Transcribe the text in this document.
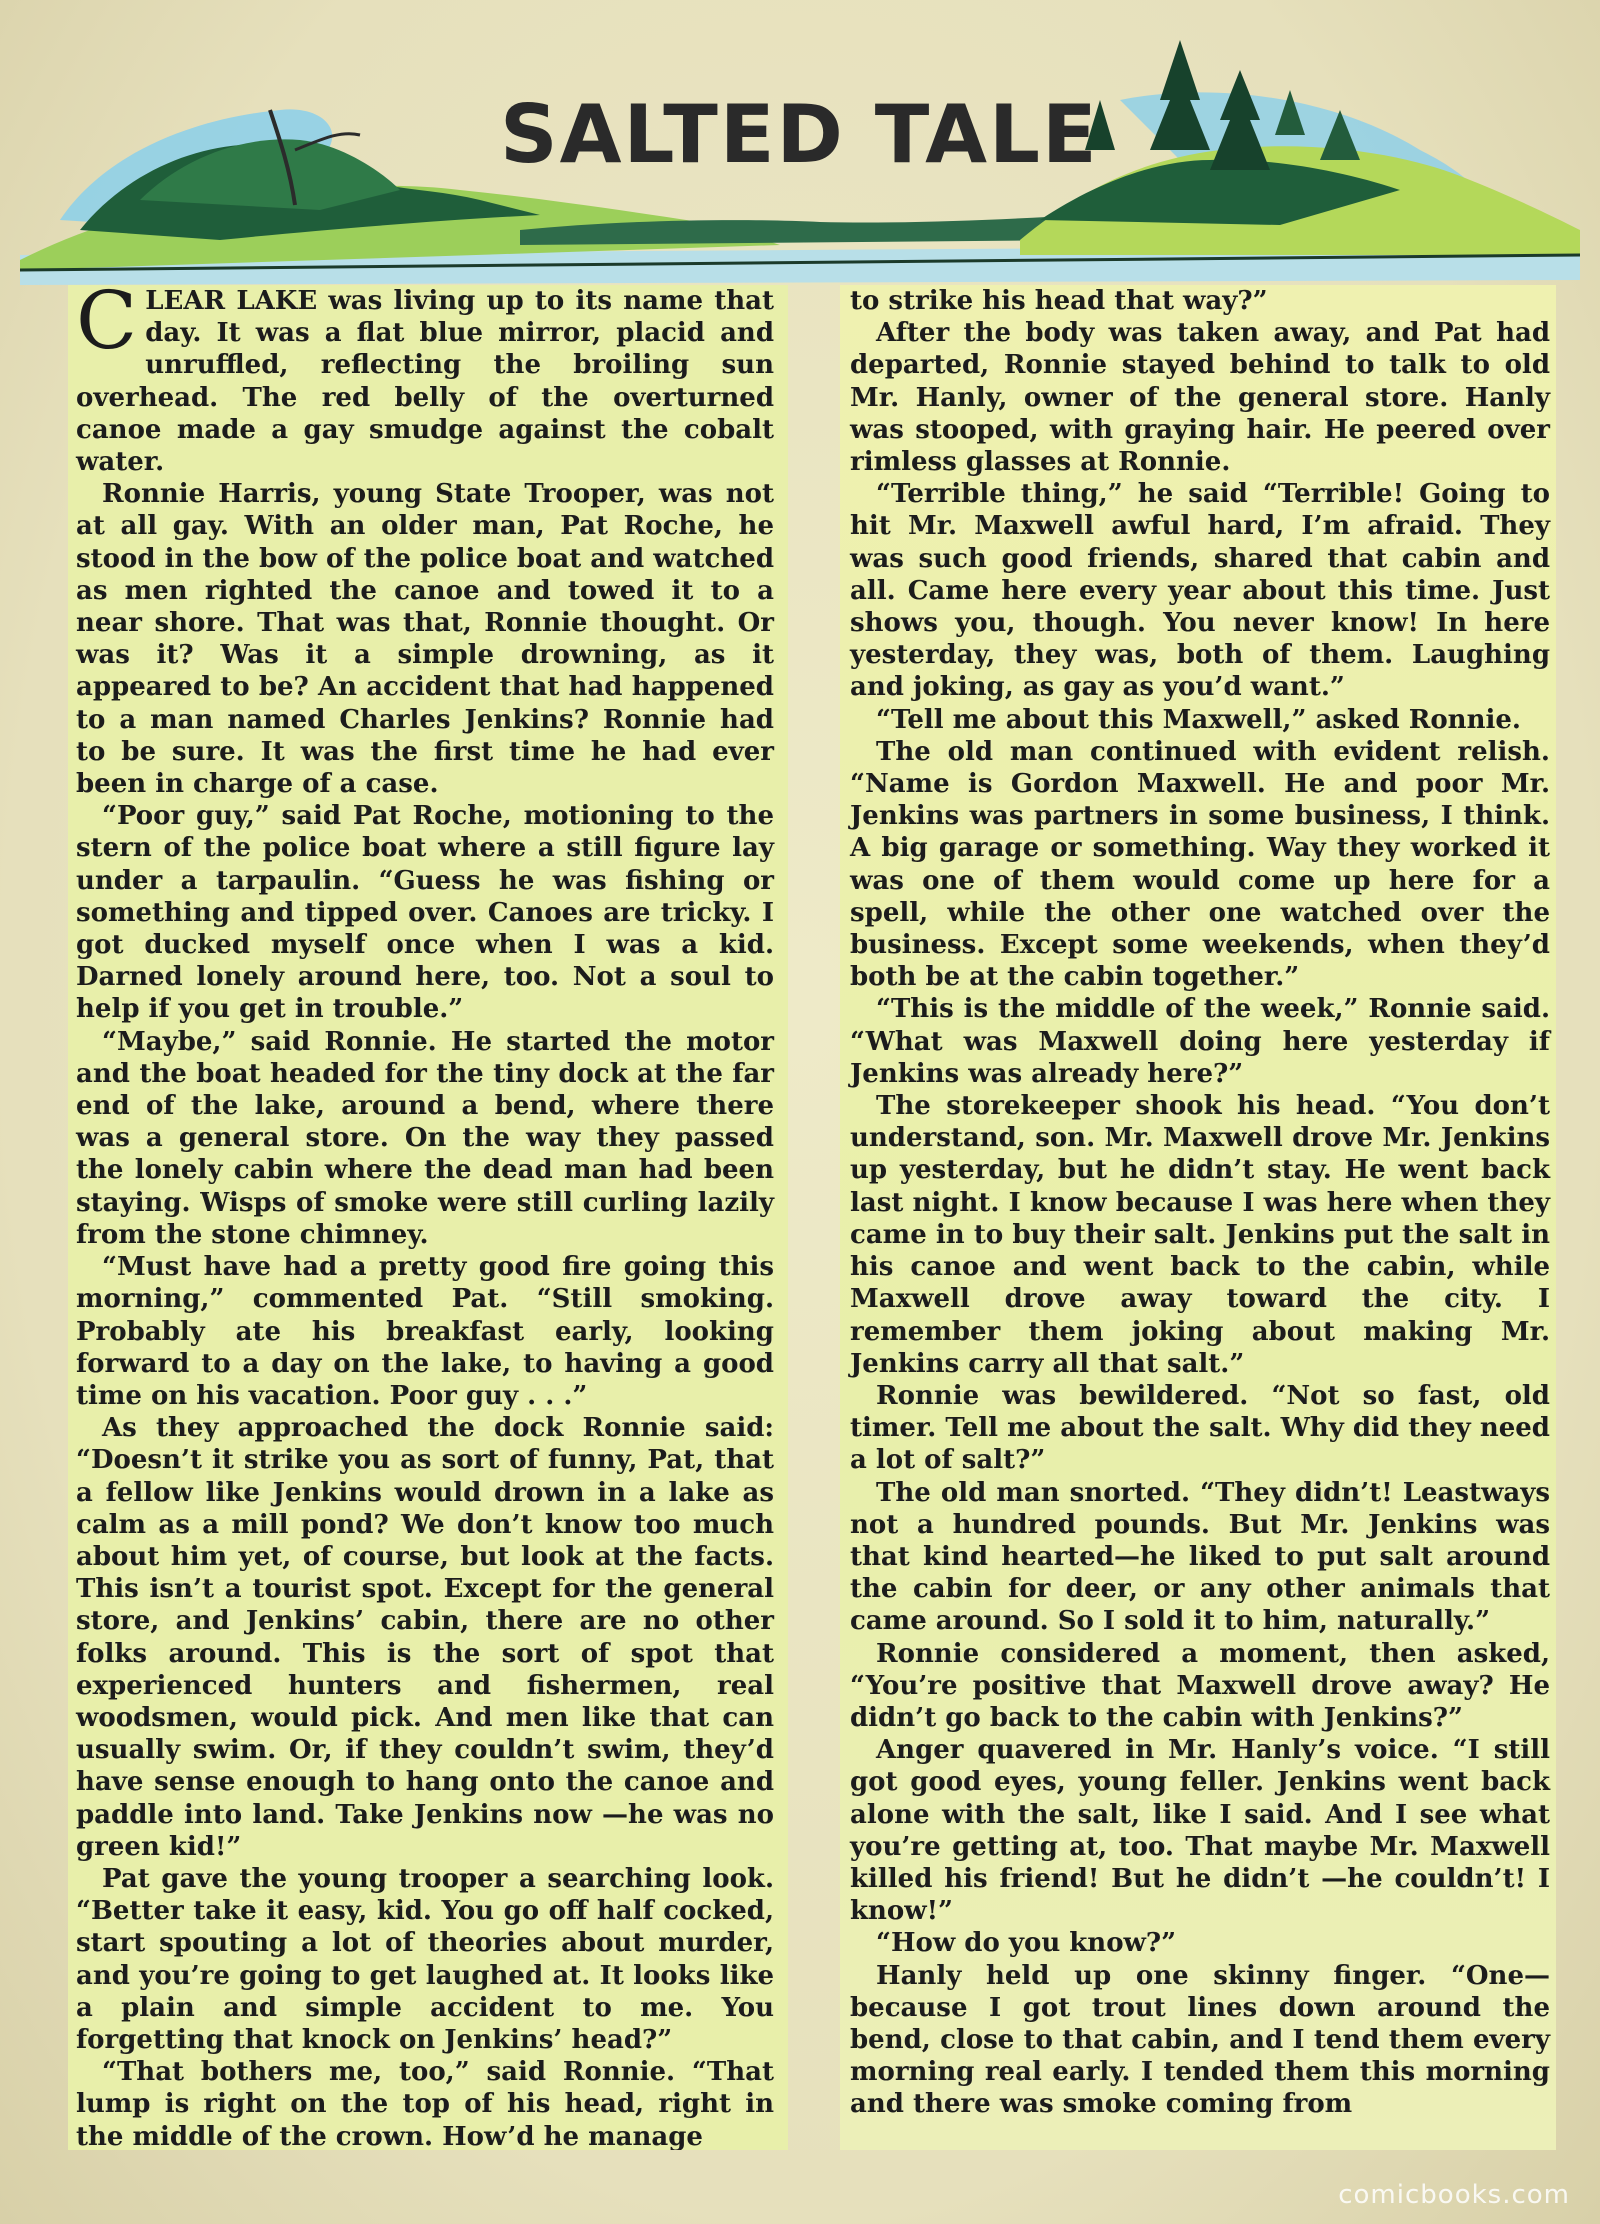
SALTED TALE

CLEAR LAKE was living up to its name that day. It was a flat blue mirror, placid and unruffled, reflecting the broiling sun overhead. The red belly of the overturned canoe made a gay smudge against the cobalt water.

Ronnie Harris, young State Trooper, was not at all gay. With an older man, Pat Roche, he stood in the bow of the police boat and watched as men righted the canoe and towed it to a near shore. That was that, Ronnie thought. Or was it? Was it a simple drowning, as it appeared to be? An accident that had happened to a man named Charles Jenkins? Ronnie had to be sure. It was the first time he had ever been in charge of a case.

“Poor guy,” said Pat Roche, motioning to the stern of the police boat where a still figure lay under a tarpaulin. “Guess he was fishing or something and tipped over. Canoes are tricky. I got ducked myself once when I was a kid. Darned lonely around here, too. Not a soul to help if you get in trouble.”

“Maybe,” said Ronnie. He started the motor and the boat headed for the tiny dock at the far end of the lake, around a bend, where there was a general store. On the way they passed the lonely cabin where the dead man had been staying. Wisps of smoke were still curling lazily from the stone chimney.

“Must have had a pretty good fire going this morning,” commented Pat. “Still smoking. Probably ate his breakfast early, looking forward to a day on the lake, to having a good time on his vacation. Poor guy . . .”

As they approached the dock Ronnie said: “Doesn’t it strike you as sort of funny, Pat, that a fellow like Jenkins would drown in a lake as calm as a mill pond? We don’t know too much about him yet, of course, but look at the facts. This isn’t a tourist spot. Except for the general store, and Jenkins’ cabin, there are no other folks around. This is the sort of spot that experienced hunters and fishermen, real woodsmen, would pick. And men like that can usually swim. Or, if they couldn’t swim, they’d have sense enough to hang onto the canoe and paddle into land. Take Jenkins now —he was no green kid!”

Pat gave the young trooper a searching look. “Better take it easy, kid. You go off half cocked, start spouting a lot of theories about murder, and you’re going to get laughed at. It looks like a plain and simple accident to me. You forgetting that knock on Jenkins’ head?”

“That bothers me, too,” said Ronnie. “That lump is right on the top of his head, right in the middle of the crown. How’d he manage

to strike his head that way?”

After the body was taken away, and Pat had departed, Ronnie stayed behind to talk to old Mr. Hanly, owner of the general store. Hanly was stooped, with graying hair. He peered over rimless glasses at Ronnie.

“Terrible thing,” he said “Terrible! Going to hit Mr. Maxwell awful hard, I’m afraid. They was such good friends, shared that cabin and all. Came here every year about this time. Just shows you, though. You never know! In here yesterday, they was, both of them. Laughing and joking, as gay as you’d want.”

“Tell me about this Maxwell,” asked Ronnie.

The old man continued with evident relish. “Name is Gordon Maxwell. He and poor Mr. Jenkins was partners in some business, I think. A big garage or something. Way they worked it was one of them would come up here for a spell, while the other one watched over the business. Except some weekends, when they’d both be at the cabin together.”

“This is the middle of the week,” Ronnie said. “What was Maxwell doing here yesterday if Jenkins was already here?”

The storekeeper shook his head. “You don’t understand, son. Mr. Maxwell drove Mr. Jenkins up yesterday, but he didn’t stay. He went back last night. I know because I was here when they came in to buy their salt. Jenkins put the salt in his canoe and went back to the cabin, while Maxwell drove away toward the city. I remember them joking about making Mr. Jenkins carry all that salt.”

Ronnie was bewildered. “Not so fast, old timer. Tell me about the salt. Why did they need a lot of salt?”

The old man snorted. “They didn’t! Leastways not a hundred pounds. But Mr. Jenkins was that kind hearted—he liked to put salt around the cabin for deer, or any other animals that came around. So I sold it to him, naturally.”

Ronnie considered a moment, then asked, “You’re positive that Maxwell drove away? He didn’t go back to the cabin with Jenkins?”

Anger quavered in Mr. Hanly’s voice. “I still got good eyes, young feller. Jenkins went back alone with the salt, like I said. And I see what you’re getting at, too. That maybe Mr. Maxwell killed his friend! But he didn’t —he couldn’t! I know!”

“How do you know?”

Hanly held up one skinny finger. “One— because I got trout lines down around the bend, close to that cabin, and I tend them every morning real early. I tended them this morning and there was smoke coming from

comicbooks.com
